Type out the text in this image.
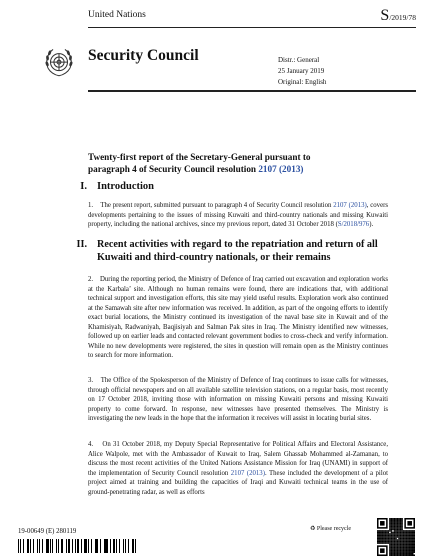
United Nations	S/2019/78
Security Council	Distr.: General
25 January 2019
Original: English
Twenty-first report of the Secretary-General pursuant to
paragraph 4 of Security Council resolution 2107 (2013)
I. Introduction
1. The present report, submitted pursuant to paragraph 4 of Security Council resolution 2107 (2013), covers developments pertaining to the issues of missing Kuwaiti and third-country nationals and missing Kuwaiti property, including the national archives, since my previous report, dated 31 October 2018 (S/2018/976).
II. Recent activities with regard to the repatriation and return of all Kuwaiti and third-country nationals, or their remains
2. During the reporting period, the Ministry of Defence of Iraq carried out excavation and exploration works at the Karbala’ site. Although no human remains were found, there are indications that, with additional technical support and investigation efforts, this site may yield useful results. Exploration work also continued at the Samawah site after new information was received. In addition, as part of the ongoing efforts to identify exact burial locations, the Ministry continued its investigation of the naval base site in Kuwait and of the Khamisiyah, Radwaniyah, Baqjisiyah and Salman Pak sites in Iraq. The Ministry identified new witnesses, followed up on earlier leads and contacted relevant government bodies to cross-check and verify information. While no new developments were registered, the sites in question will remain open as the Ministry continues to search for more information.
3. The Office of the Spokesperson of the Ministry of Defence of Iraq continues to issue calls for witnesses, through official newspapers and on all available satellite television stations, on a regular basis, most recently on 17 October 2018, inviting those with information on missing Kuwaiti persons and missing Kuwaiti property to come forward. In response, new witnesses have presented themselves. The Ministry is investigating the new leads in the hope that the information it receives will assist in locating burial sites.
4. On 31 October 2018, my Deputy Special Representative for Political Affairs and Electoral Assistance, Alice Walpole, met with the Ambassador of Kuwait to Iraq, Salem Ghassab Mohammed al-Zamanan, to discuss the most recent activities of the United Nations Assistance Mission for Iraq (UNAMI) in support of the implementation of Security Council resolution 2107 (2013). These included the development of a pilot project aimed at training and building the capacities of Iraqi and Kuwaiti technical teams in the use of ground-penetrating radar, as well as efforts
19-00649 (E) 280119	♻ Please recycle
